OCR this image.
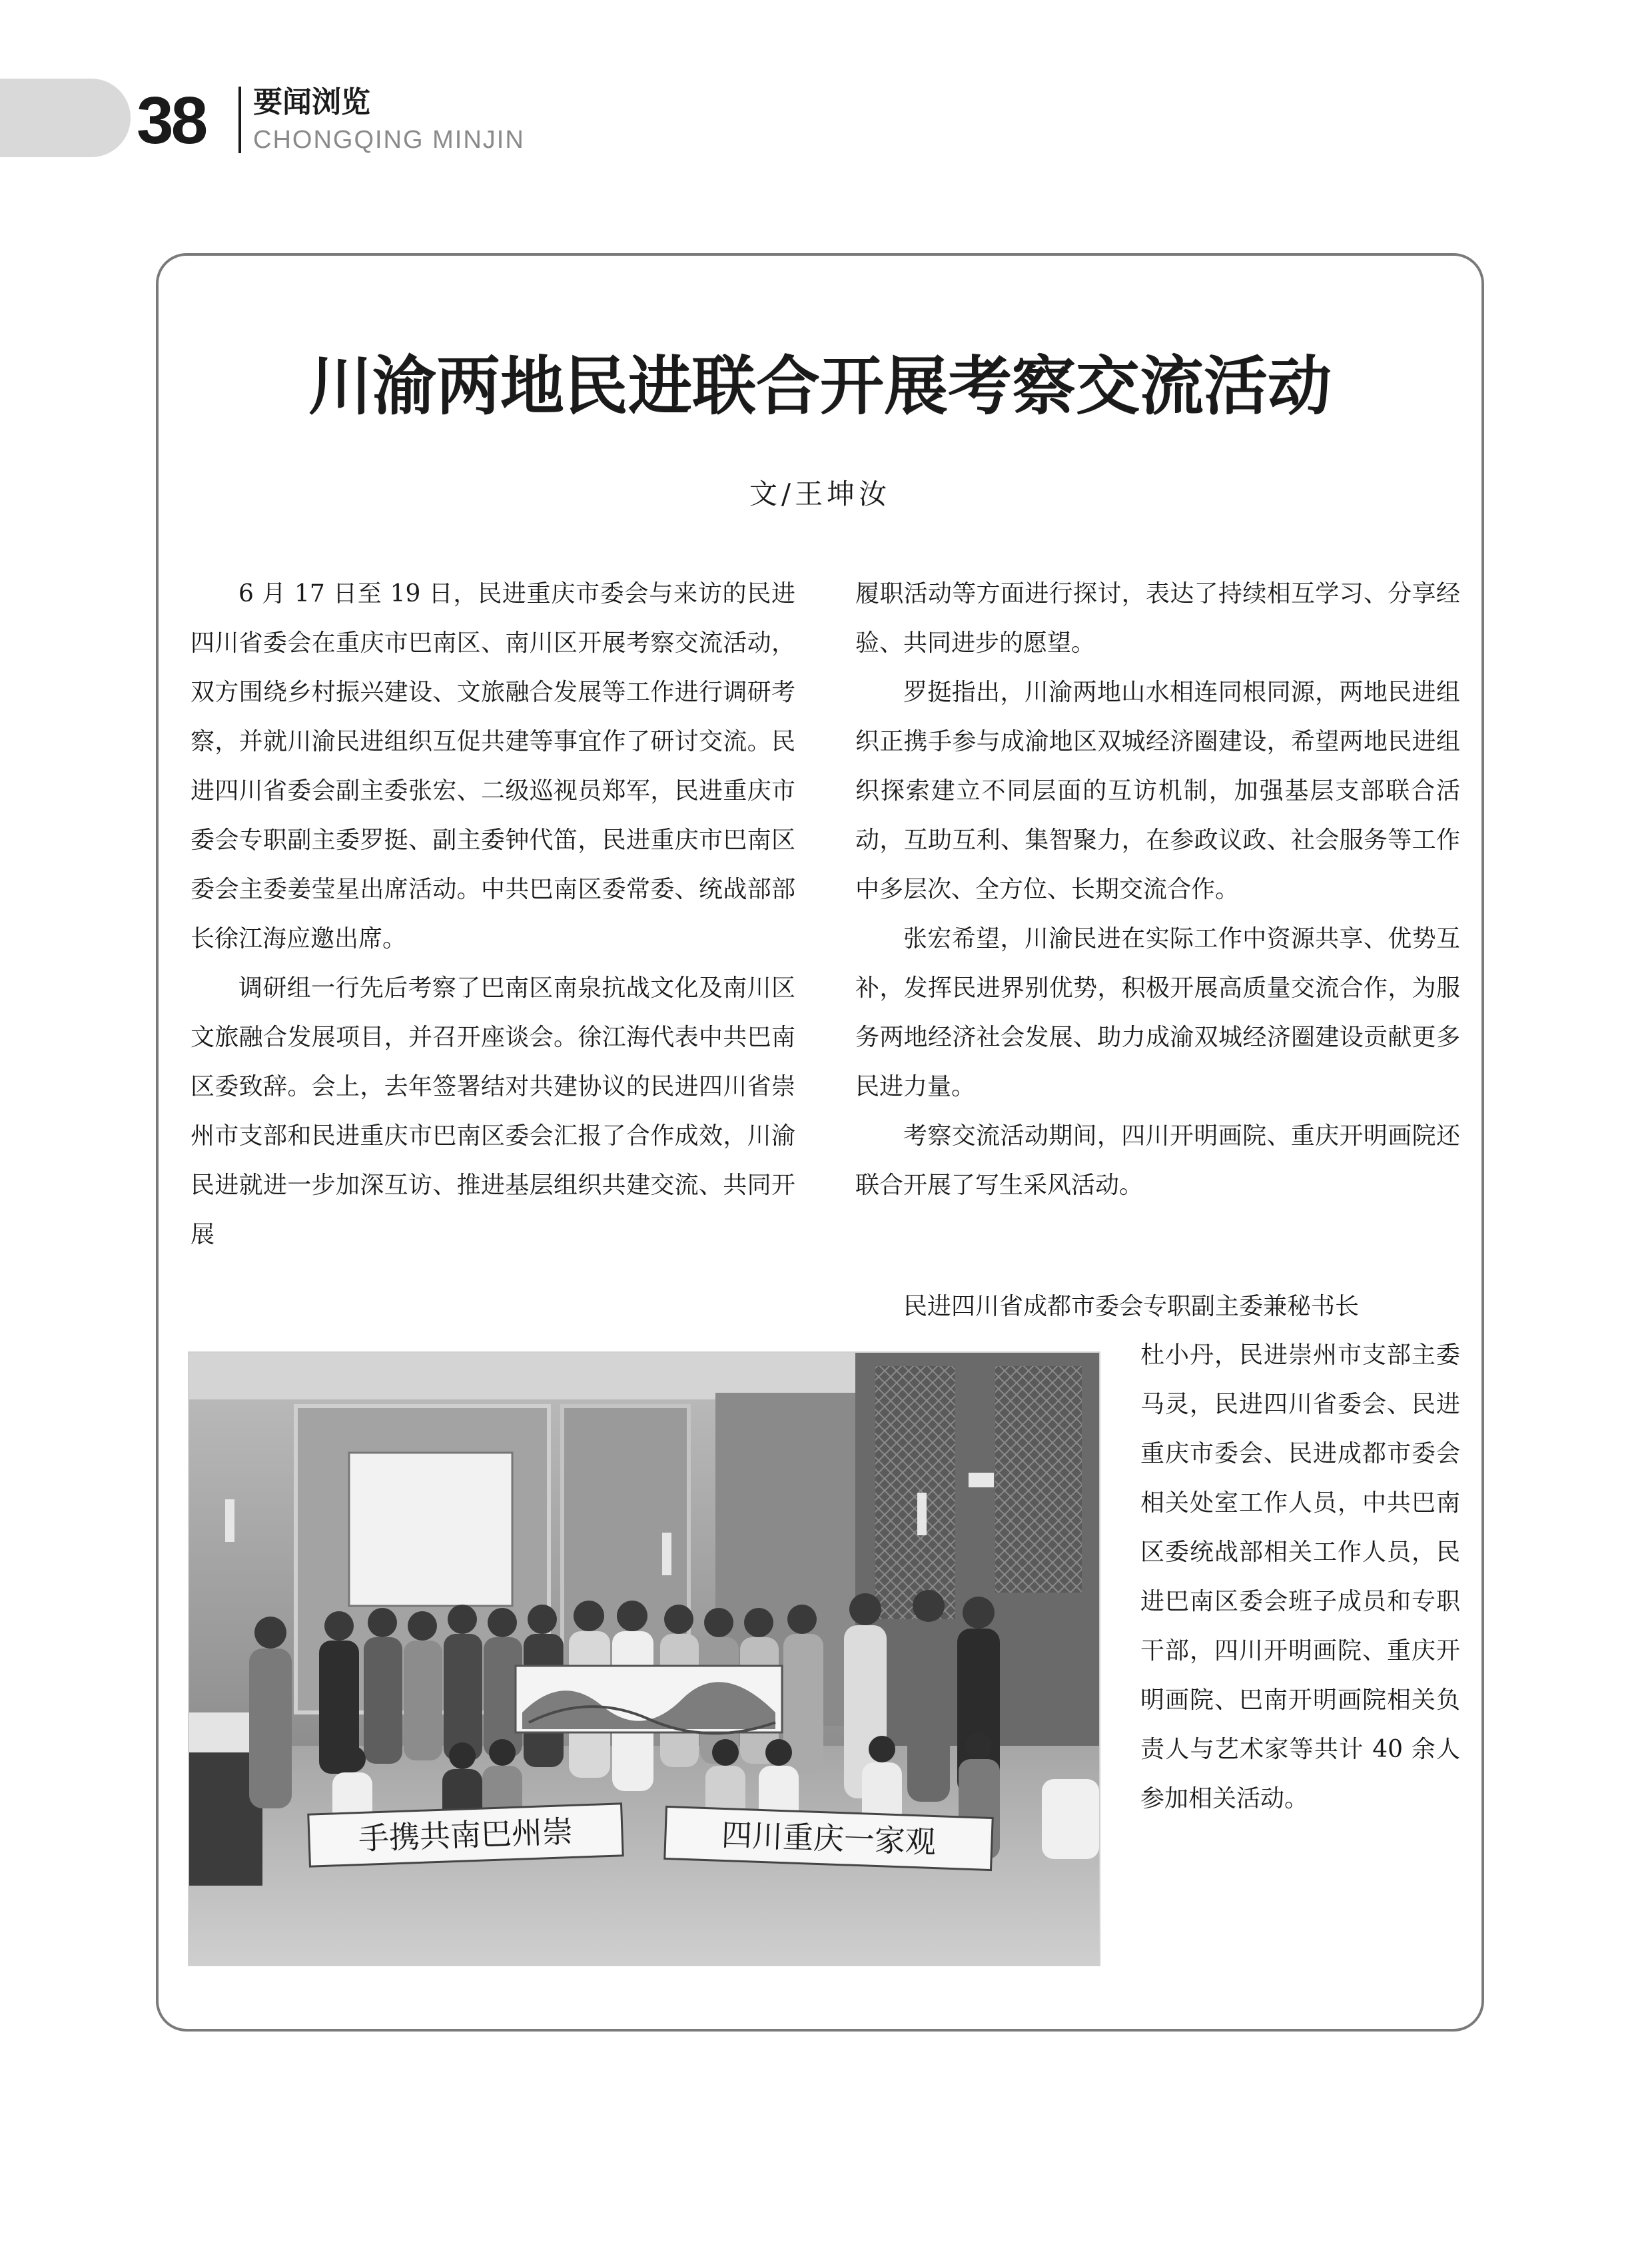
38 要闻浏览
CHONGQING MINJIN
川渝两地民进联合开展考察交流活动
文/王坤汝

6 月 17 日至 19 日，民进重庆市委会与来访的民进四川省委会在重庆市巴南区、南川区开展考察交流活动，双方围绕乡村振兴建设、文旅融合发展等工作进行调研考察，并就川渝民进组织互促共建等事宜作了研讨交流。民进四川省委会副主委张宏、二级巡视员郑军，民进重庆市委会专职副主委罗挺、副主委钟代笛，民进重庆市巴南区委会主委姜莹星出席活动。中共巴南区委常委、统战部部长徐江海应邀出席。

调研组一行先后考察了巴南区南泉抗战文化及南川区文旅融合发展项目，并召开座谈会。徐江海代表中共巴南区委致辞。会上，去年签署结对共建协议的民进四川省崇州市支部和民进重庆市巴南区委会汇报了合作成效，川渝民进就进一步加深互访、推进基层组织共建交流、共同开展

履职活动等方面进行探讨，表达了持续相互学习、分享经验、共同进步的愿望。

罗挺指出，川渝两地山水相连同根同源，两地民进组织正携手参与成渝地区双城经济圈建设，希望两地民进组织探索建立不同层面的互访机制，加强基层支部联合活动，互助互利、集智聚力，在参政议政、社会服务等工作中多层次、全方位、长期交流合作。

张宏希望，川渝民进在实际工作中资源共享、优势互补，发挥民进界别优势，积极开展高质量交流合作，为服务两地经济社会发展、助力成渝双城经济圈建设贡献更多民进力量。

考察交流活动期间，四川开明画院、重庆开明画院还联合开展了写生采风活动。

民进四川省成都市委会专职副主委兼秘书长
杜小丹，民进崇州市支部主委马灵，民进四川省委会、民进重庆市委会、民进成都市委会相关处室工作人员，中共巴南区委统战部相关工作人员，民进巴南区委会班子成员和专职干部，四川开明画院、重庆开明画院、巴南开明画院相关负责人与艺术家等共计 40 余人参加相关活动。
手携共南巴州崇	四川重庆一家观
